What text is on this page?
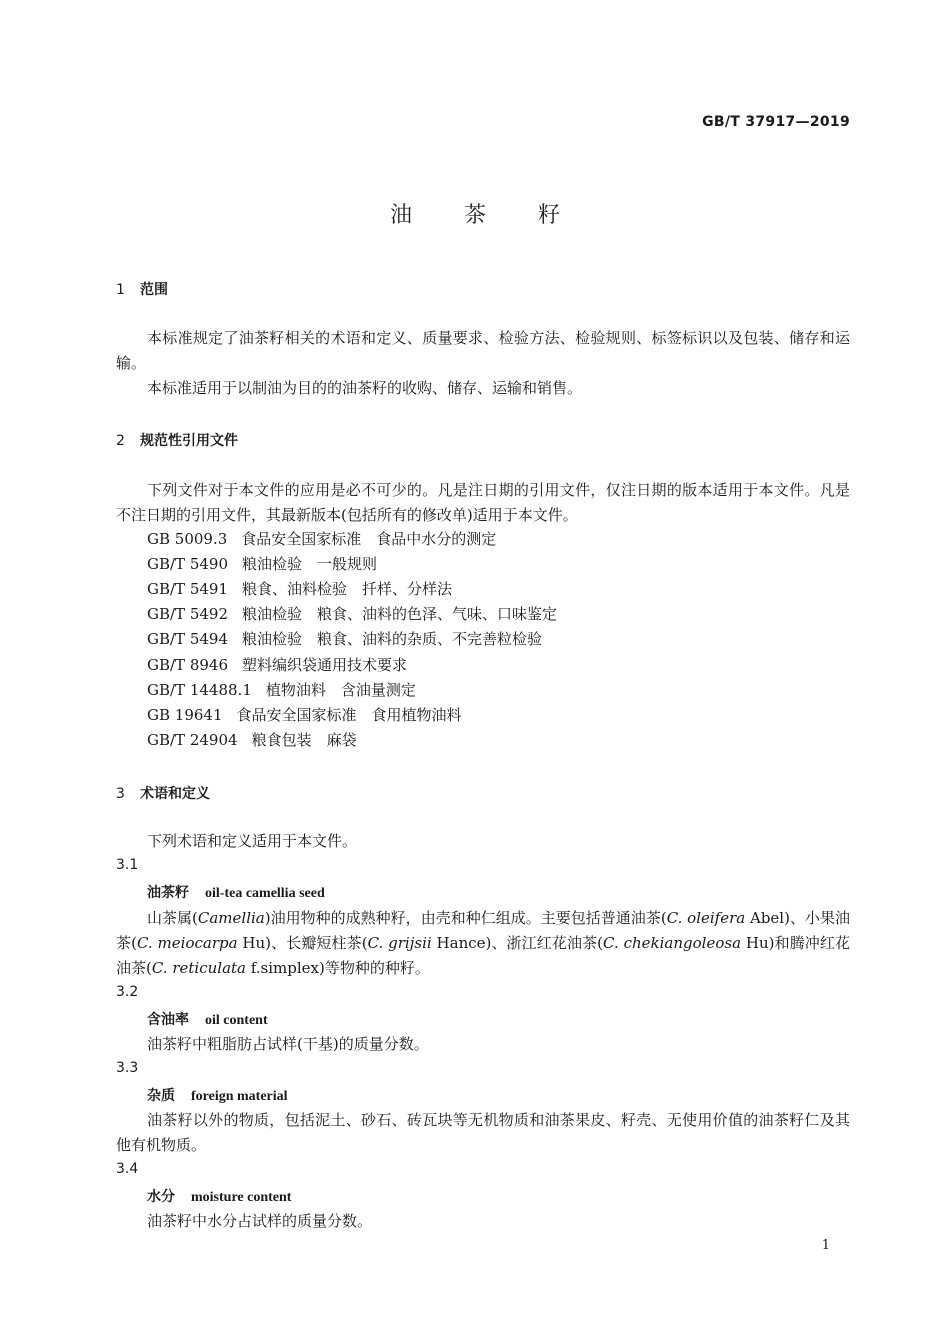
GB/T 37917—2019
油茶籽
1 范围
本标准规定了油茶籽相关的术语和定义、质量要求、检验方法、检验规则、标签标识以及包装、储存和运输。
本标准适用于以制油为目的的油茶籽的收购、储存、运输和销售。
2 规范性引用文件
下列文件对于本文件的应用是必不可少的。凡是注日期的引用文件，仅注日期的版本适用于本文件。凡是不注日期的引用文件，其最新版本(包括所有的修改单)适用于本文件。
GB 5009.3 食品安全国家标准　食品中水分的测定
GB/T 5490 粮油检验　一般规则
GB/T 5491 粮食、油料检验　扦样、分样法
GB/T 5492 粮油检验　粮食、油料的色泽、气味、口味鉴定
GB/T 5494 粮油检验　粮食、油料的杂质、不完善粒检验
GB/T 8946 塑料编织袋通用技术要求
GB/T 14488.1 植物油料　含油量测定
GB 19641 食品安全国家标准　食用植物油料
GB/T 24904 粮食包装　麻袋
3 术语和定义
下列术语和定义适用于本文件。
3.1
油茶籽 oil-tea camellia seed
山茶属(Camellia)油用物种的成熟种籽，由壳和种仁组成。主要包括普通油茶(C. oleifera Abel)、小果油茶(C. meiocarpa Hu)、长瓣短柱茶(C. grijsii Hance)、浙江红花油茶(C. chekiangoleosa Hu)和腾冲红花油茶(C. reticulata f.simplex)等物种的种籽。
3.2
含油率 oil content
油茶籽中粗脂肪占试样(干基)的质量分数。
3.3
杂质 foreign material
油茶籽以外的物质，包括泥土、砂石、砖瓦块等无机物质和油茶果皮、籽壳、无使用价值的油茶籽仁及其他有机物质。
3.4
水分 moisture content
油茶籽中水分占试样的质量分数。
1
